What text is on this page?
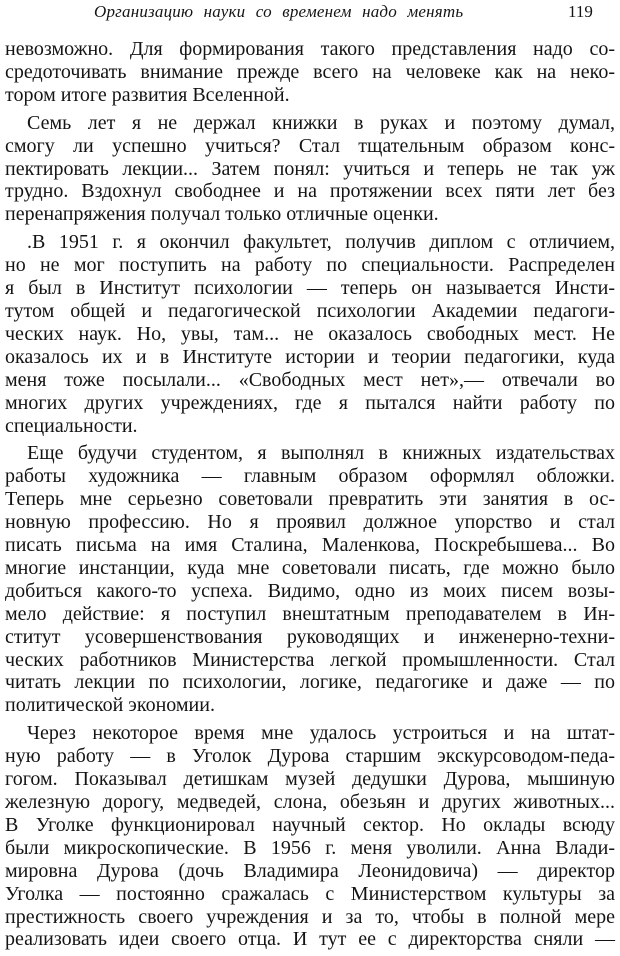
Организацию науки со временем надо менять	119
невозможно. Для формирования такого представления надо со-
средоточивать внимание прежде всего на человеке как на неко-
тором итоге развития Вселенной.
Семь лет я не держал книжки в руках и поэтому думал,
смогу ли успешно учиться? Стал тщательным образом конс-
пектировать лекции... Затем понял: учиться и теперь не так уж
трудно. Вздохнул свободнее и на протяжении всех пяти лет без
перенапряжения получал только отличные оценки.
.В 1951 г. я окончил факультет, получив диплом с отличием,
но не мог поступить на работу по специальности. Распределен
я был в Институт психологии — теперь он называется Инсти-
тутом общей и педагогической психологии Академии педагоги-
ческих наук. Но, увы, там... не оказалось свободных мест. Не
оказалось их и в Институте истории и теории педагогики, куда
меня тоже посылали... «Свободных мест нет»,— отвечали во
многих других учреждениях, где я пытался найти работу по
специальности.
Еще будучи студентом, я выполнял в книжных издательствах
работы художника — главным образом оформлял обложки.
Теперь мне серьезно советовали превратить эти занятия в ос-
новную профессию. Но я проявил должное упорство и стал
писать письма на имя Сталина, Маленкова, Поскребышева... Во
многие инстанции, куда мне советовали писать, где можно было
добиться какого-то успеха. Видимо, одно из моих писем возы-
мело действие: я поступил внештатным преподавателем в Ин-
ститут усовершенствования руководящих и инженерно-техни-
ческих работников Министерства легкой промышленности. Стал
читать лекции по психологии, логике, педагогике и даже — по
политической экономии.
Через некоторое время мне удалось устроиться и на штат-
ную работу — в Уголок Дурова старшим экскурсоводом-педа-
гогом. Показывал детишкам музей дедушки Дурова, мышиную
железную дорогу, медведей, слона, обезьян и других животных...
В Уголке функционировал научный сектор. Но оклады всюду
были микроскопические. В 1956 г. меня уволили. Анна Влади-
мировна Дурова (дочь Владимира Леонидовича) — директор
Уголка — постоянно сражалась с Министерством культуры за
престижность своего учреждения и за то, чтобы в полной мере
реализовать идеи своего отца. И тут ее с директорства сняли —
